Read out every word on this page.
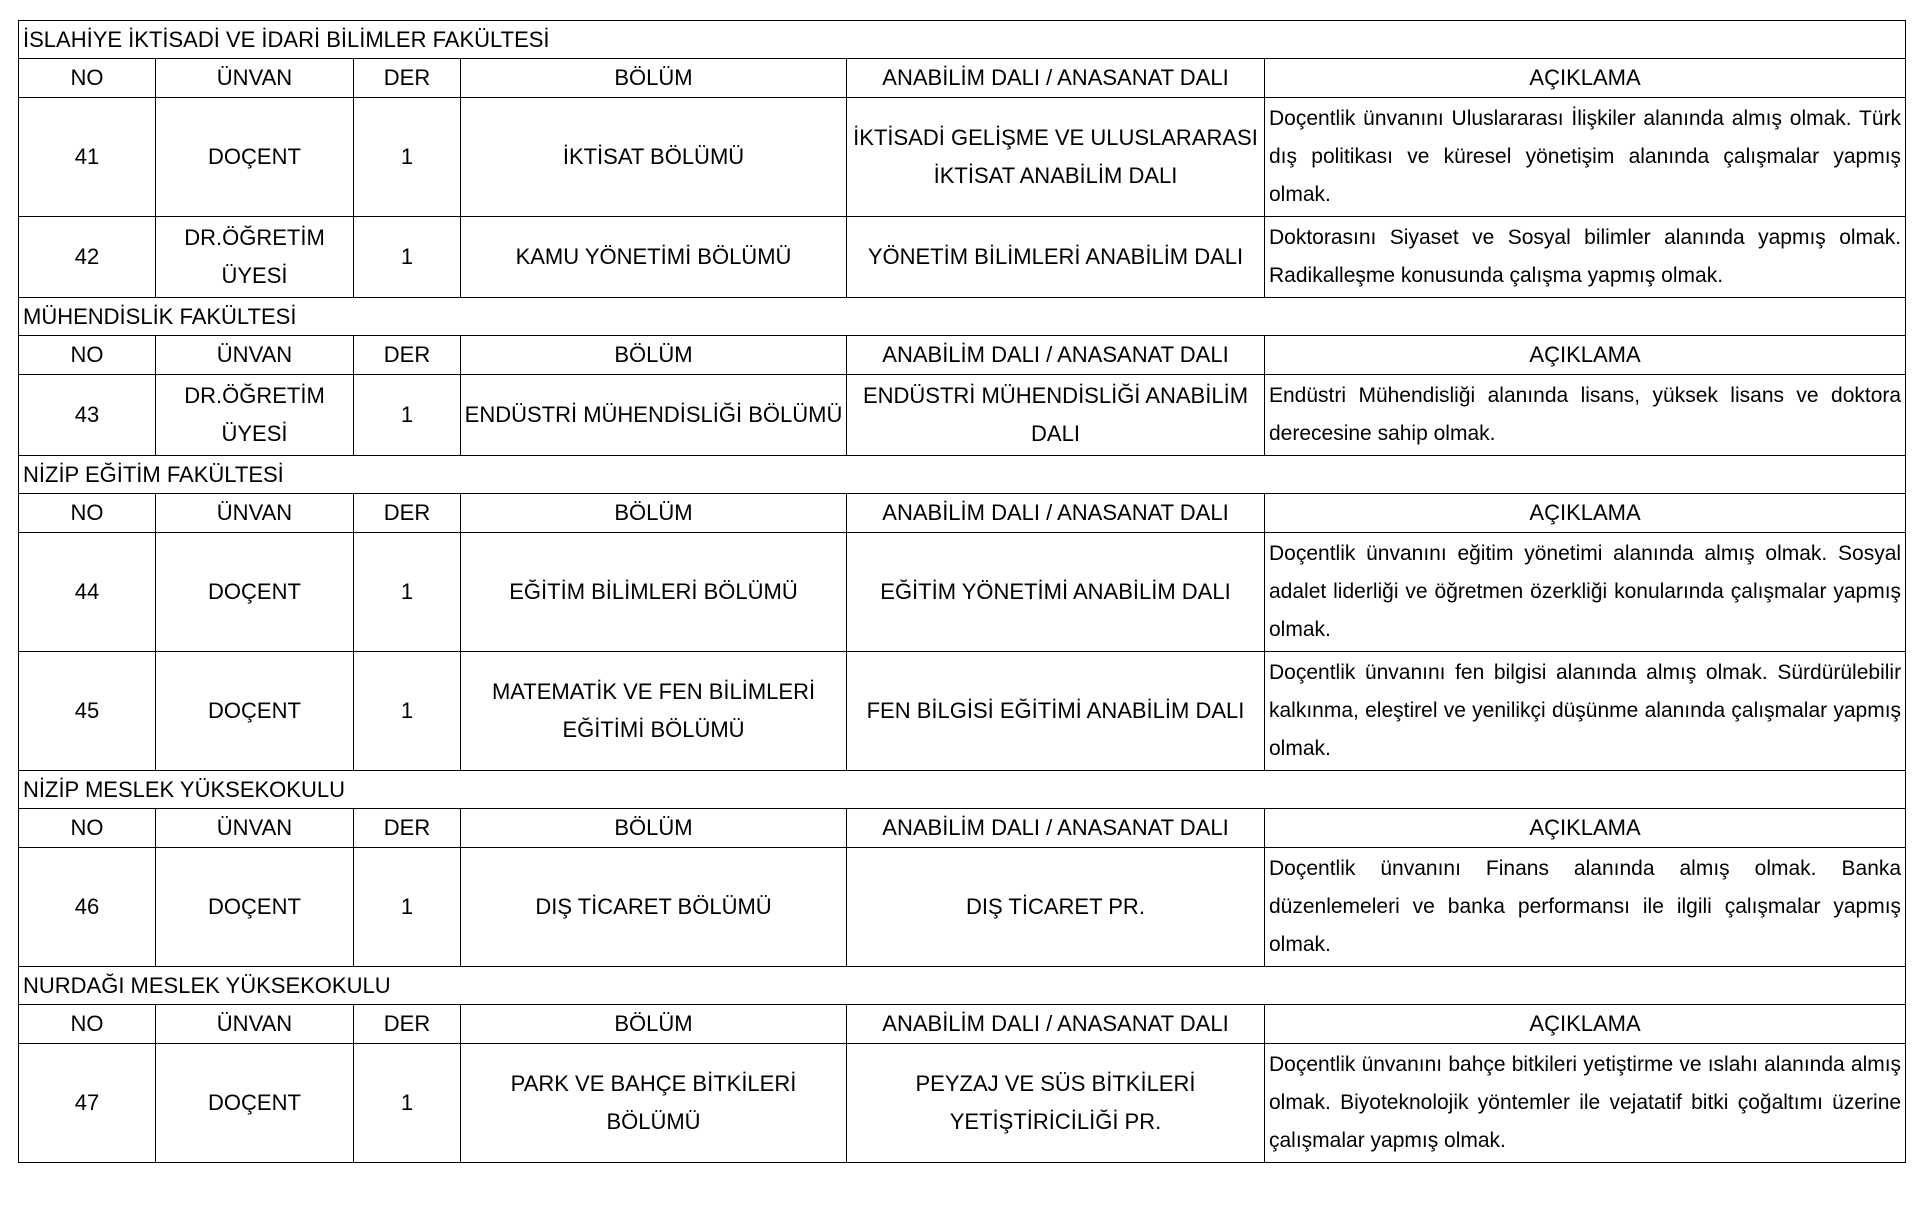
İSLAHİYE İKTİSADİ VE İDARİ BİLİMLER FAKÜLTESİ					
NO	ÜNVAN	DER	BÖLÜM	ANABİLİM DALI / ANASANAT DALI	AÇIKLAMA
41	DOÇENT	1	İKTİSAT BÖLÜMÜ	İKTİSADİ GELİŞME VE ULUSLARARASI İKTİSAT ANABİLİM DALI	Doçentlik ünvanını Uluslararası İlişkiler alanında almış olmak. Türk dış politikası ve küresel yönetişim alanında çalışmalar yapmış olmak.
42	DR.ÖĞRETİM ÜYESİ	1	KAMU YÖNETİMİ BÖLÜMÜ	YÖNETİM BİLİMLERİ ANABİLİM DALI	Doktorasını Siyaset ve Sosyal bilimler alanında yapmış olmak. Radikalleşme konusunda çalışma yapmış olmak.
MÜHENDİSLİK FAKÜLTESİ					
NO	ÜNVAN	DER	BÖLÜM	ANABİLİM DALI / ANASANAT DALI	AÇIKLAMA
43	DR.ÖĞRETİM ÜYESİ	1	ENDÜSTRİ MÜHENDİSLİĞİ BÖLÜMÜ	ENDÜSTRİ MÜHENDİSLİĞİ ANABİLİM DALI	Endüstri Mühendisliği alanında lisans, yüksek lisans ve doktora derecesine sahip olmak.
NİZİP EĞİTİM FAKÜLTESİ					
NO	ÜNVAN	DER	BÖLÜM	ANABİLİM DALI / ANASANAT DALI	AÇIKLAMA
44	DOÇENT	1	EĞİTİM BİLİMLERİ BÖLÜMÜ	EĞİTİM YÖNETİMİ ANABİLİM DALI	Doçentlik ünvanını eğitim yönetimi alanında almış olmak. Sosyal adalet liderliği ve öğretmen özerkliği konularında çalışmalar yapmış olmak.
45	DOÇENT	1	MATEMATİK VE FEN BİLİMLERİ EĞİTİMİ BÖLÜMÜ	FEN BİLGİSİ EĞİTİMİ ANABİLİM DALI	Doçentlik ünvanını fen bilgisi alanında almış olmak. Sürdürülebilir kalkınma, eleştirel ve yenilikçi düşünme alanında çalışmalar yapmış olmak.
NİZİP MESLEK YÜKSEKOKULU					
NO	ÜNVAN	DER	BÖLÜM	ANABİLİM DALI / ANASANAT DALI	AÇIKLAMA
46	DOÇENT	1	DIŞ TİCARET BÖLÜMÜ	DIŞ TİCARET PR.	Doçentlik ünvanını Finans alanında almış olmak. Banka düzenlemeleri ve banka performansı ile ilgili çalışmalar yapmış olmak.
NURDAĞI MESLEK YÜKSEKOKULU					
NO	ÜNVAN	DER	BÖLÜM	ANABİLİM DALI / ANASANAT DALI	AÇIKLAMA
47	DOÇENT	1	PARK VE BAHÇE BİTKİLERİ BÖLÜMÜ	PEYZAJ VE SÜS BİTKİLERİ YETİŞTİRİCİLİĞİ PR.	Doçentlik ünvanını bahçe bitkileri yetiştirme ve ıslahı alanında almış olmak. Biyoteknolojik yöntemler ile vejatatif bitki çoğaltımı üzerine çalışmalar yapmış olmak.
